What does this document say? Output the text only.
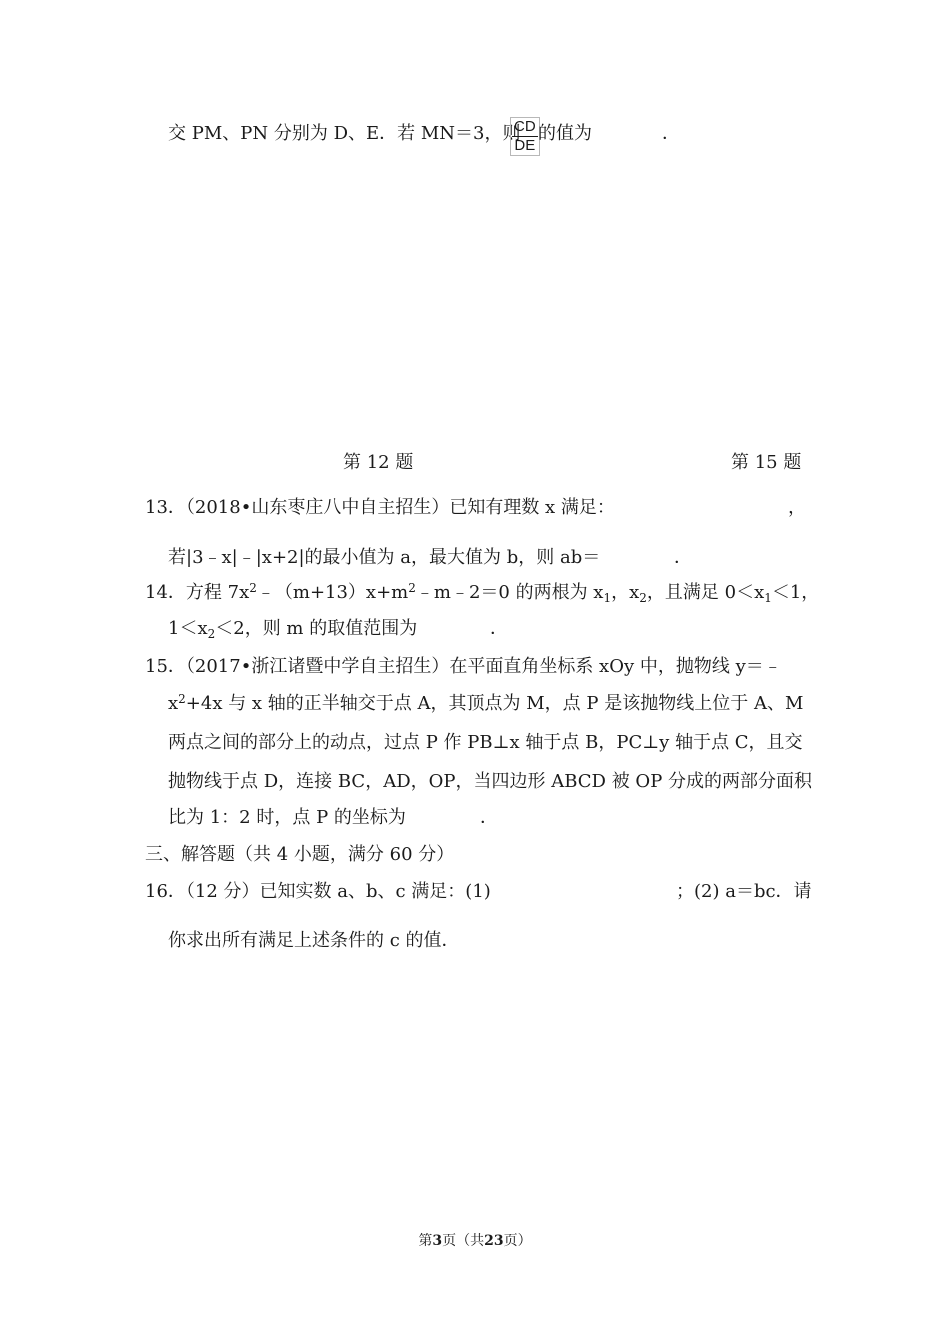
交 PM、PN 分别为 D、E．若 MN＝3，则
$\frac{CD}{DE}$
的值为	．
第 12 题	第 15 题
13．（2018•山东枣庄八中自主招生）已知有理数 x 满足：	，
若|3﹣x|﹣|x+2|的最小值为 a，最大值为 b，则 ab＝	．
14．方程 $7x^2﹣(m+13)x+m^2﹣m﹣2=0$ 的两根为 $x_1$，$x_2$，且满足 $0<x_1<1$，
$1<x_2<2$，则 m 的取值范围为	．
15．（2017•浙江诸暨中学自主招生）在平面直角坐标系 xOy 中，抛物线 y＝﹣
$x^2+4x$ 与 x 轴的正半轴交于点 A，其顶点为 M，点 P 是该抛物线上位于 A、M
两点之间的部分上的动点，过点 P 作 PB⊥x 轴于点 B，PC⊥y 轴于点 C，且交
抛物线于点 D，连接 BC，AD，OP，当四边形 ABCD 被 OP 分成的两部分面积
比为 1：2 时，点 P 的坐标为	．
三、解答题（共 4 小题，满分 60 分）
16．（12 分）已知实数 a、b、c 满足：(1)	；(2) a＝bc．请
你求出所有满足上述条件的 c 的值．
第3页（共23页）
